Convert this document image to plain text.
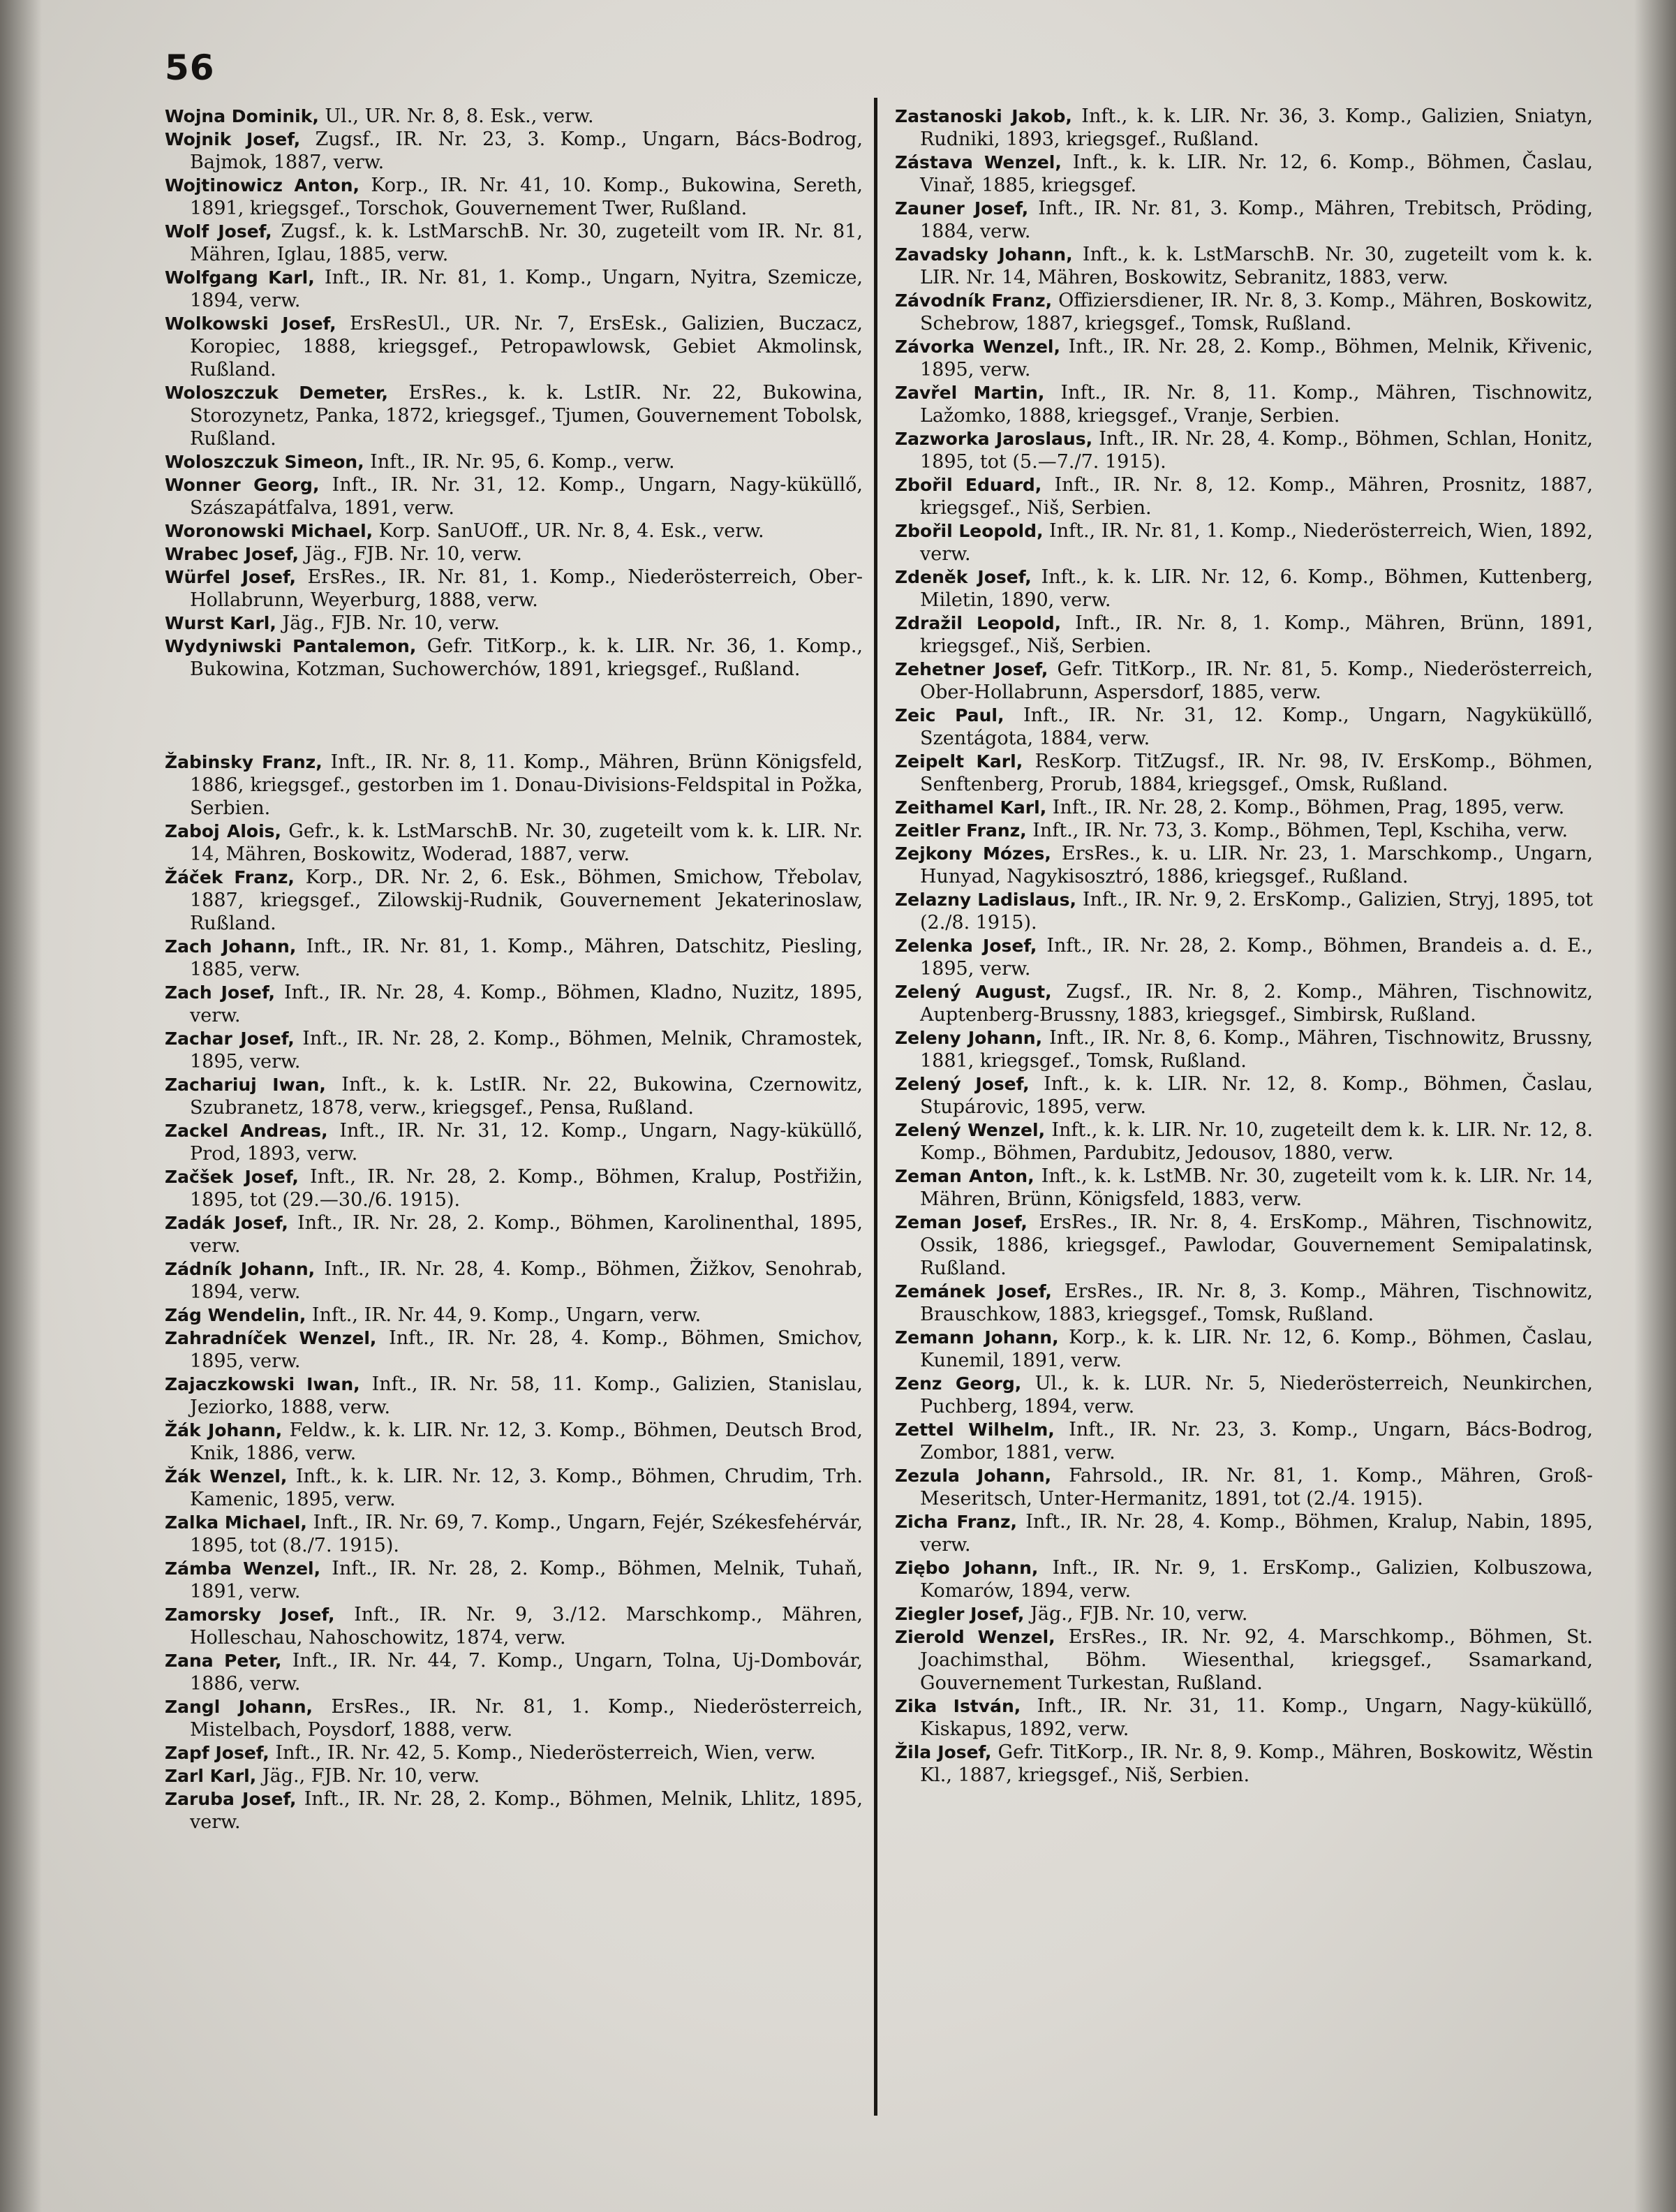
56

Wojna Dominik, Ul., UR. Nr. 8, 8. Esk., verw.

Wojnik Josef, Zugsf., IR. Nr. 23, 3. Komp., Ungarn, Bács-Bodrog, Bajmok, 1887, verw.

Wojtinowicz Anton, Korp., IR. Nr. 41, 10. Komp., Bukowina, Sereth, 1891, kriegsgef., Torschok, Gouvernement Twer, Rußland.

Wolf Josef, Zugsf., k. k. LstMarschB. Nr. 30, zugeteilt vom IR. Nr. 81, Mähren, Iglau, 1885, verw.

Wolfgang Karl, Inft., IR. Nr. 81, 1. Komp., Ungarn, Nyitra, Szemicze, 1894, verw.

Wolkowski Josef, ErsResUl., UR. Nr. 7, ErsEsk., Galizien, Buczacz, Koropiec, 1888, kriegsgef., Petropawlowsk, Gebiet Akmolinsk, Rußland.

Woloszczuk Demeter, ErsRes., k. k. LstIR. Nr. 22, Bukowina, Storozynetz, Panka, 1872, kriegsgef., Tjumen, Gouvernement Tobolsk, Rußland.

Woloszczuk Simeon, Inft., IR. Nr. 95, 6. Komp., verw.

Wonner Georg, Inft., IR. Nr. 31, 12. Komp., Ungarn, Nagy-küküllő, Szászapátfalva, 1891, verw.

Woronowski Michael, Korp. SanUOff., UR. Nr. 8, 4. Esk., verw.

Wrabec Josef, Jäg., FJB. Nr. 10, verw.

Würfel Josef, ErsRes., IR. Nr. 81, 1. Komp., Niederösterreich, Ober-Hollabrunn, Weyerburg, 1888, verw.

Wurst Karl, Jäg., FJB. Nr. 10, verw.

Wydyniwski Pantalemon, Gefr. TitKorp., k. k. LIR. Nr. 36, 1. Komp., Bukowina, Kotzman, Suchowerchów, 1891, kriegsgef., Rußland.

Žabinsky Franz, Inft., IR. Nr. 8, 11. Komp., Mähren, Brünn Königsfeld, 1886, kriegsgef., gestorben im 1. Donau-Divisions-Feldspital in Požka, Serbien.

Zaboj Alois, Gefr., k. k. LstMarschB. Nr. 30, zugeteilt vom k. k. LIR. Nr. 14, Mähren, Boskowitz, Woderad, 1887, verw.

Žáček Franz, Korp., DR. Nr. 2, 6. Esk., Böhmen, Smichow, Třebolav, 1887, kriegsgef., Zilowskij-Rudnik, Gouvernement Jekaterinoslaw, Rußland.

Zach Johann, Inft., IR. Nr. 81, 1. Komp., Mähren, Datschitz, Piesling, 1885, verw.

Zach Josef, Inft., IR. Nr. 28, 4. Komp., Böhmen, Kladno, Nuzitz, 1895, verw.

Zachar Josef, Inft., IR. Nr. 28, 2. Komp., Böhmen, Melnik, Chramostek, 1895, verw.

Zachariuj Iwan, Inft., k. k. LstIR. Nr. 22, Bukowina, Czernowitz, Szubranetz, 1878, verw., kriegsgef., Pensa, Rußland.

Zackel Andreas, Inft., IR. Nr. 31, 12. Komp., Ungarn, Nagy-küküllő, Prod, 1893, verw.

Začšek Josef, Inft., IR. Nr. 28, 2. Komp., Böhmen, Kralup, Postřižin, 1895, tot (29.—30./6. 1915).

Zadák Josef, Inft., IR. Nr. 28, 2. Komp., Böhmen, Karolinenthal, 1895, verw.

Zádník Johann, Inft., IR. Nr. 28, 4. Komp., Böhmen, Žižkov, Senohrab, 1894, verw.

Zág Wendelin, Inft., IR. Nr. 44, 9. Komp., Ungarn, verw.

Zahradníček Wenzel, Inft., IR. Nr. 28, 4. Komp., Böhmen, Smichov, 1895, verw.

Zajaczkowski Iwan, Inft., IR. Nr. 58, 11. Komp., Galizien, Stanislau, Jeziorko, 1888, verw.

Žák Johann, Feldw., k. k. LIR. Nr. 12, 3. Komp., Böhmen, Deutsch Brod, Knik, 1886, verw.

Žák Wenzel, Inft., k. k. LIR. Nr. 12, 3. Komp., Böhmen, Chrudim, Trh. Kamenic, 1895, verw.

Zalka Michael, Inft., IR. Nr. 69, 7. Komp., Ungarn, Fejér, Székesfehérvár, 1895, tot (8./7. 1915).

Zámba Wenzel, Inft., IR. Nr. 28, 2. Komp., Böhmen, Melnik, Tuhaň, 1891, verw.

Zamorsky Josef, Inft., IR. Nr. 9, 3./12. Marschkomp., Mähren, Holleschau, Nahoschowitz, 1874, verw.

Zana Peter, Inft., IR. Nr. 44, 7. Komp., Ungarn, Tolna, Uj-Dombovár, 1886, verw.

Zangl Johann, ErsRes., IR. Nr. 81, 1. Komp., Niederösterreich, Mistelbach, Poysdorf, 1888, verw.

Zapf Josef, Inft., IR. Nr. 42, 5. Komp., Niederösterreich, Wien, verw.

Zarl Karl, Jäg., FJB. Nr. 10, verw.

Zaruba Josef, Inft., IR. Nr. 28, 2. Komp., Böhmen, Melnik, Lhlitz, 1895, verw.

Zastanoski Jakob, Inft., k. k. LIR. Nr. 36, 3. Komp., Galizien, Sniatyn, Rudniki, 1893, kriegsgef., Rußland.

Zástava Wenzel, Inft., k. k. LIR. Nr. 12, 6. Komp., Böhmen, Časlau, Vinař, 1885, kriegsgef.

Zauner Josef, Inft., IR. Nr. 81, 3. Komp., Mähren, Trebitsch, Pröding, 1884, verw.

Zavadsky Johann, Inft., k. k. LstMarschB. Nr. 30, zugeteilt vom k. k. LIR. Nr. 14, Mähren, Boskowitz, Sebranitz, 1883, verw.

Závodník Franz, Offiziersdiener, IR. Nr. 8, 3. Komp., Mähren, Boskowitz, Schebrow, 1887, kriegsgef., Tomsk, Rußland.

Závorka Wenzel, Inft., IR. Nr. 28, 2. Komp., Böhmen, Melnik, Křivenic, 1895, verw.

Zavřel Martin, Inft., IR. Nr. 8, 11. Komp., Mähren, Tischnowitz, Lažomko, 1888, kriegsgef., Vranje, Serbien.

Zazworka Jaroslaus, Inft., IR. Nr. 28, 4. Komp., Böhmen, Schlan, Honitz, 1895, tot (5.—7./7. 1915).

Zbořil Eduard, Inft., IR. Nr. 8, 12. Komp., Mähren, Prosnitz, 1887, kriegsgef., Niš, Serbien.

Zbořil Leopold, Inft., IR. Nr. 81, 1. Komp., Niederösterreich, Wien, 1892, verw.

Zdeněk Josef, Inft., k. k. LIR. Nr. 12, 6. Komp., Böhmen, Kuttenberg, Miletin, 1890, verw.

Zdražil Leopold, Inft., IR. Nr. 8, 1. Komp., Mähren, Brünn, 1891, kriegsgef., Niš, Serbien.

Zehetner Josef, Gefr. TitKorp., IR. Nr. 81, 5. Komp., Niederösterreich, Ober-Hollabrunn, Aspersdorf, 1885, verw.

Zeic Paul, Inft., IR. Nr. 31, 12. Komp., Ungarn, Nagyküküllő, Szentágota, 1884, verw.

Zeipelt Karl, ResKorp. TitZugsf., IR. Nr. 98, IV. ErsKomp., Böhmen, Senftenberg, Prorub, 1884, kriegsgef., Omsk, Rußland.

Zeithamel Karl, Inft., IR. Nr. 28, 2. Komp., Böhmen, Prag, 1895, verw.

Zeitler Franz, Inft., IR. Nr. 73, 3. Komp., Böhmen, Tepl, Kschiha, verw.

Zejkony Mózes, ErsRes., k. u. LIR. Nr. 23, 1. Marschkomp., Ungarn, Hunyad, Nagykisosztró, 1886, kriegsgef., Rußland.

Zelazny Ladislaus, Inft., IR. Nr. 9, 2. ErsKomp., Galizien, Stryj, 1895, tot (2./8. 1915).

Zelenka Josef, Inft., IR. Nr. 28, 2. Komp., Böhmen, Brandeis a. d. E., 1895, verw.

Zelený August, Zugsf., IR. Nr. 8, 2. Komp., Mähren, Tischnowitz, Auptenberg-Brussny, 1883, kriegsgef., Simbirsk, Rußland.

Zeleny Johann, Inft., IR. Nr. 8, 6. Komp., Mähren, Tischnowitz, Brussny, 1881, kriegsgef., Tomsk, Rußland.

Zelený Josef, Inft., k. k. LIR. Nr. 12, 8. Komp., Böhmen, Časlau, Stupárovic, 1895, verw.

Zelený Wenzel, Inft., k. k. LIR. Nr. 10, zugeteilt dem k. k. LIR. Nr. 12, 8. Komp., Böhmen, Pardubitz, Jedousov, 1880, verw.

Zeman Anton, Inft., k. k. LstMB. Nr. 30, zugeteilt vom k. k. LIR. Nr. 14, Mähren, Brünn, Königsfeld, 1883, verw.

Zeman Josef, ErsRes., IR. Nr. 8, 4. ErsKomp., Mähren, Tischnowitz, Ossik, 1886, kriegsgef., Pawlodar, Gouvernement Semipalatinsk, Rußland.

Zemánek Josef, ErsRes., IR. Nr. 8, 3. Komp., Mähren, Tischnowitz, Brauschkow, 1883, kriegsgef., Tomsk, Rußland.

Zemann Johann, Korp., k. k. LIR. Nr. 12, 6. Komp., Böhmen, Časlau, Kunemil, 1891, verw.

Zenz Georg, Ul., k. k. LUR. Nr. 5, Niederösterreich, Neunkirchen, Puchberg, 1894, verw.

Zettel Wilhelm, Inft., IR. Nr. 23, 3. Komp., Ungarn, Bács-Bodrog, Zombor, 1881, verw.

Zezula Johann, Fahrsold., IR. Nr. 81, 1. Komp., Mähren, Groß-Meseritsch, Unter-Hermanitz, 1891, tot (2./4. 1915).

Zicha Franz, Inft., IR. Nr. 28, 4. Komp., Böhmen, Kralup, Nabin, 1895, verw.

Ziębo Johann, Inft., IR. Nr. 9, 1. ErsKomp., Galizien, Kolbuszowa, Komarów, 1894, verw.

Ziegler Josef, Jäg., FJB. Nr. 10, verw.

Zierold Wenzel, ErsRes., IR. Nr. 92, 4. Marschkomp., Böhmen, St. Joachimsthal, Böhm. Wiesenthal, kriegsgef., Ssamarkand, Gouvernement Turkestan, Rußland.

Zika István, Inft., IR. Nr. 31, 11. Komp., Ungarn, Nagy-küküllő, Kiskapus, 1892, verw.

Žila Josef, Gefr. TitKorp., IR. Nr. 8, 9. Komp., Mähren, Boskowitz, Wěstin Kl., 1887, kriegsgef., Niš, Serbien.
